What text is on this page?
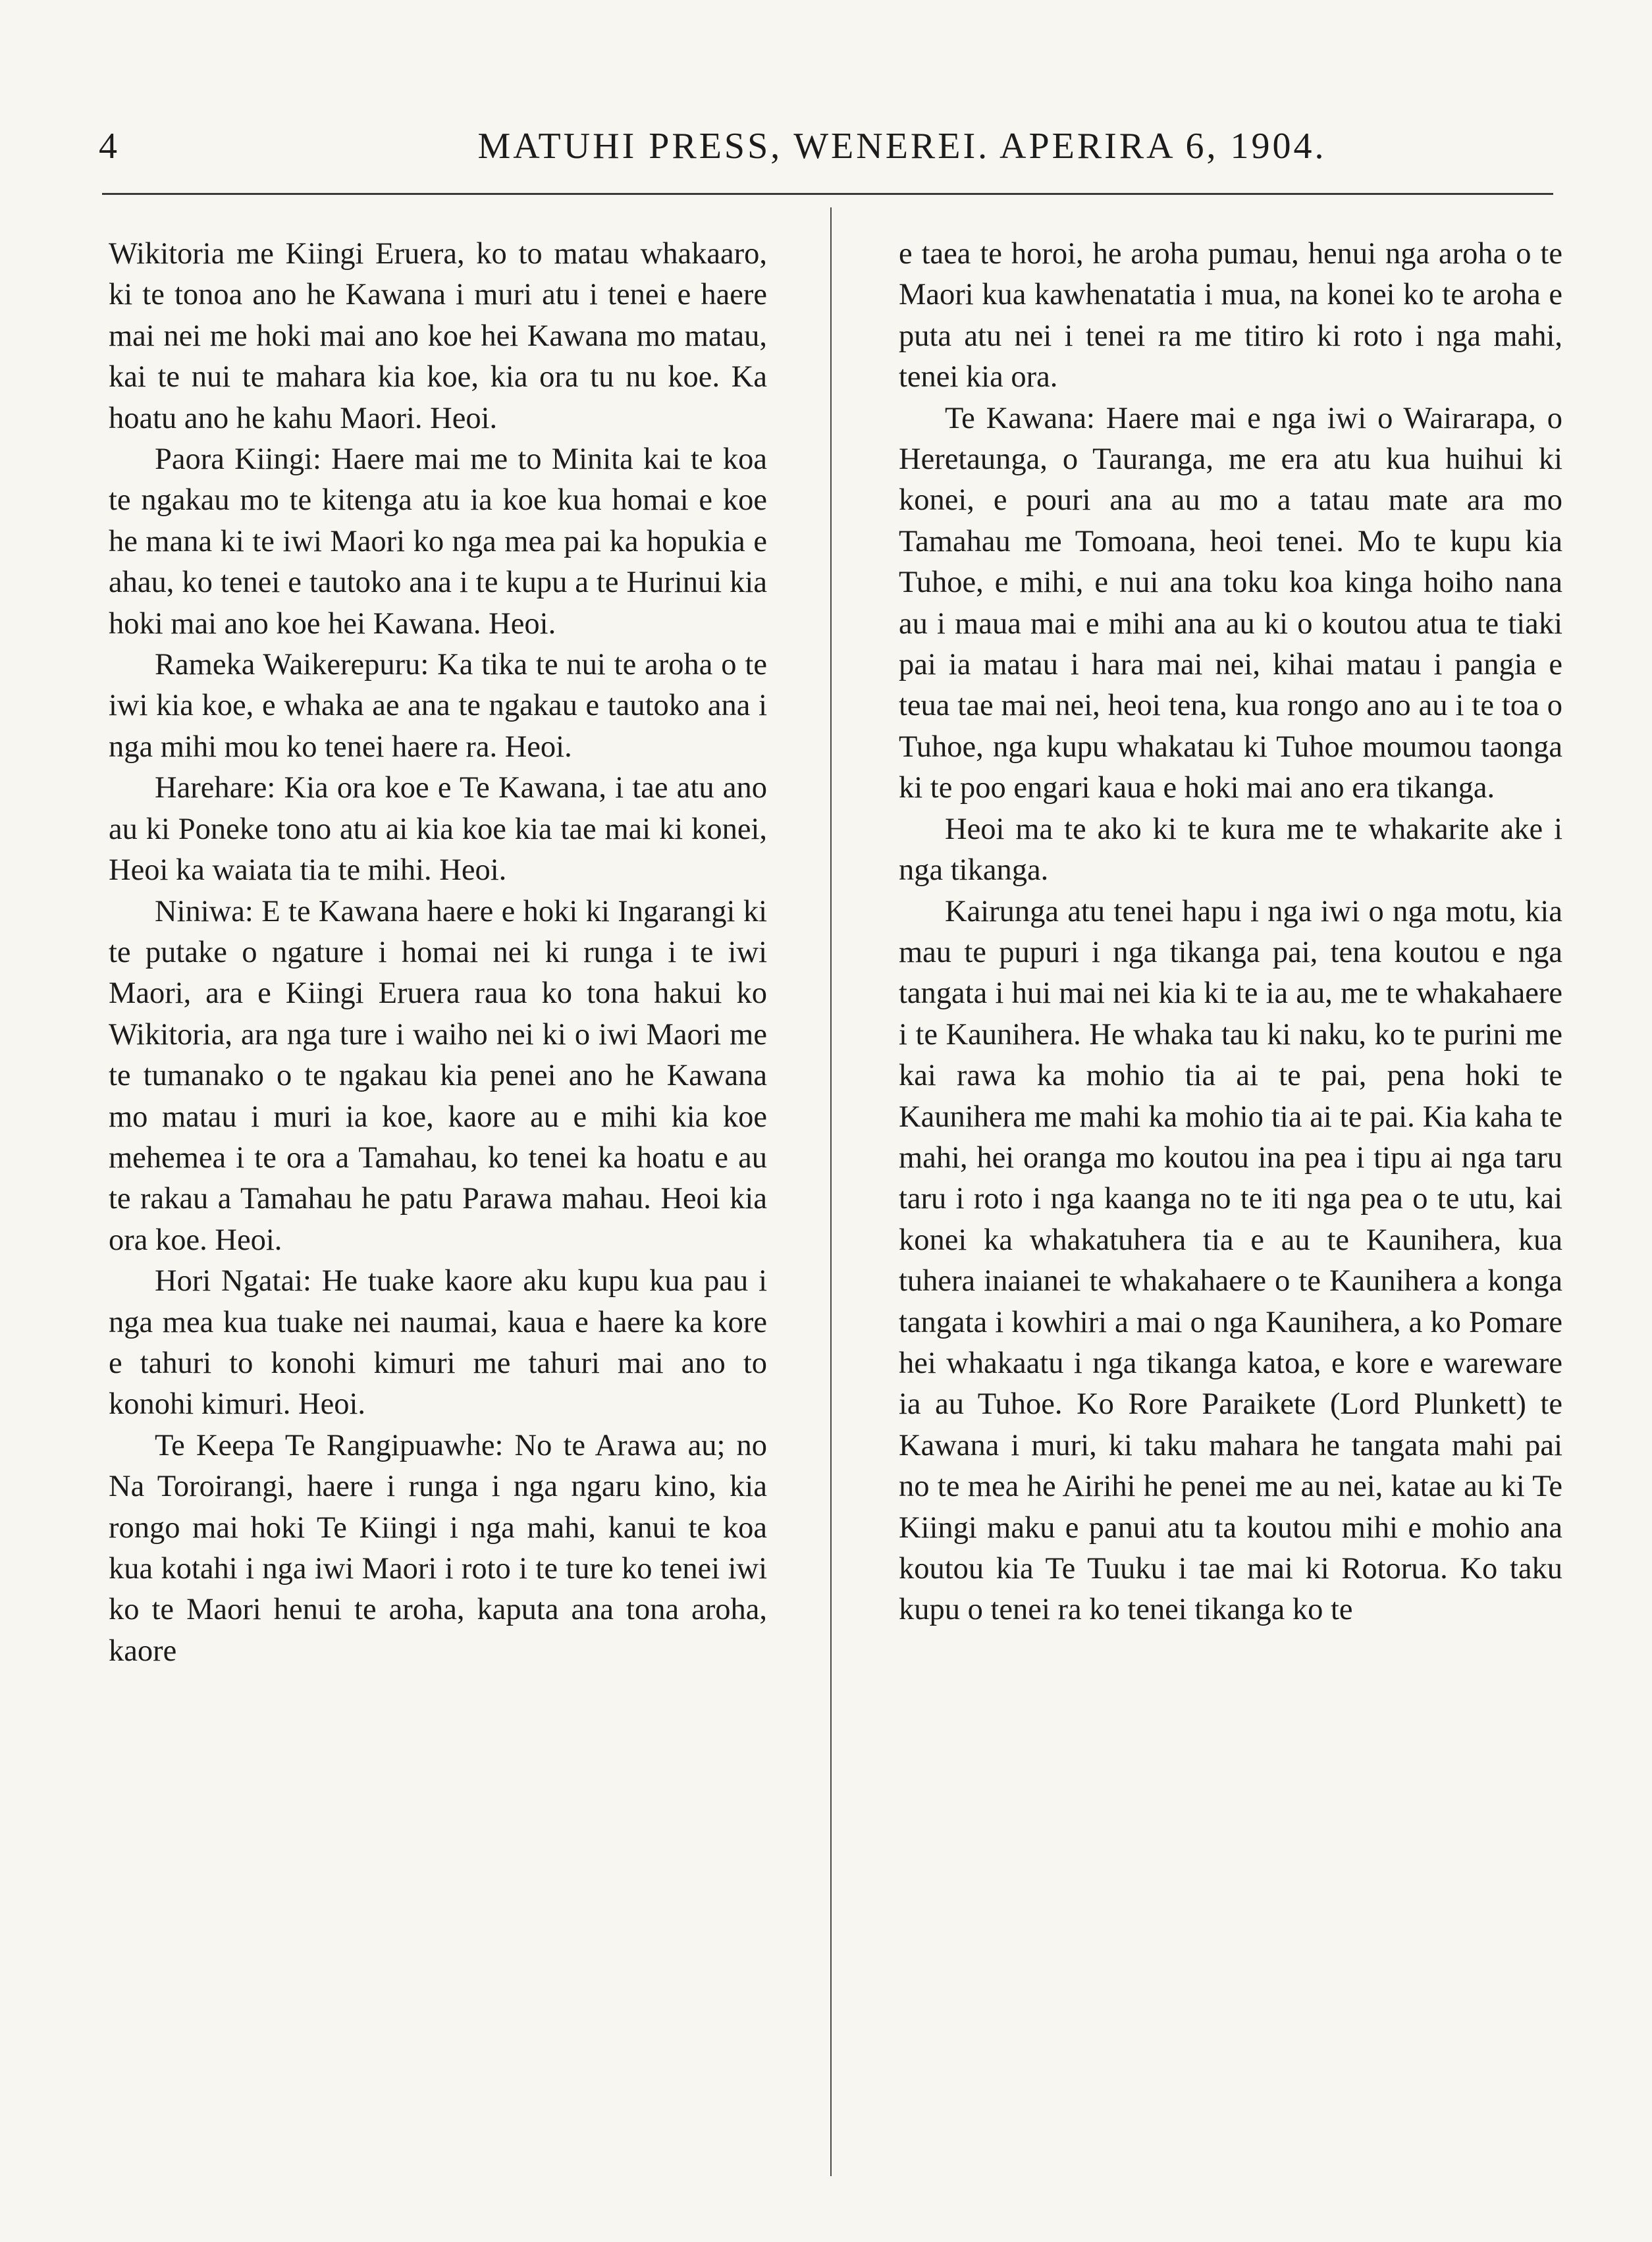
4	MATUHI PRESS, WENEREI. APERIRA 6, 1904.

Wikitoria me Kiingi Eruera, ko to matau whakaaro, ki te tonoa ano he Kawana i muri atu i tenei e haere mai nei me hoki mai ano koe hei Kawana mo matau, kai te nui te mahara kia koe, kia ora tu nu koe. Ka hoatu ano he kahu Maori. Heoi.

Paora Kiingi: Haere mai me to Minita kai te koa te ngakau mo te kitenga atu ia koe kua homai e koe he mana ki te iwi Maori ko nga mea pai ka hopukia e ahau, ko tenei e tautoko ana i te kupu a te Hurinui kia hoki mai ano koe hei Kawana. Heoi.

Rameka Waikerepuru: Ka tika te nui te aroha o te iwi kia koe, e whaka ae ana te ngakau e tautoko ana i nga mihi mou ko tenei haere ra. Heoi.

Harehare: Kia ora koe e Te Kawana, i tae atu ano au ki Poneke tono atu ai kia koe kia tae mai ki konei, Heoi ka waiata tia te mihi. Heoi.

Niniwa: E te Kawana haere e hoki ki Ingarangi ki te putake o ngature i homai nei ki runga i te iwi Maori, ara e Kiingi Eruera raua ko tona hakui ko Wikitoria, ara nga ture i waiho nei ki o iwi Maori me te tumanako o te ngakau kia penei ano he Kawana mo matau i muri ia koe, kaore au e mihi kia koe mehemea i te ora a Tamahau, ko tenei ka hoatu e au te rakau a Tamahau he patu Parawa mahau. Heoi kia ora koe. Heoi.

Hori Ngatai: He tuake kaore aku kupu kua pau i nga mea kua tuake nei naumai, kaua e haere ka kore e tahuri to konohi kimuri me tahuri mai ano to konohi kimuri. Heoi.

Te Keepa Te Rangipuawhe: No te Arawa au; no Na Toroirangi, haere i runga i nga ngaru kino, kia rongo mai hoki Te Kiingi i nga mahi, kanui te koa kua kotahi i nga iwi Maori i roto i te ture ko tenei iwi ko te Maori henui te aroha, kaputa ana tona aroha, kaore

e taea te horoi, he aroha pumau, henui nga aroha o te Maori kua kawhenatatia i mua, na konei ko te aroha e puta atu nei i tenei ra me titiro ki roto i nga mahi, tenei kia ora.

Te Kawana: Haere mai e nga iwi o Wairarapa, o Heretaunga, o Tauranga, me era atu kua huihui ki konei, e pouri ana au mo a tatau mate ara mo Tamahau me Tomoana, heoi tenei. Mo te kupu kia Tuhoe, e mihi, e nui ana toku koa kinga hoiho nana au i maua mai e mihi ana au ki o koutou atua te tiaki pai ia matau i hara mai nei, kihai matau i pangia e teua tae mai nei, heoi tena, kua rongo ano au i te toa o Tuhoe, nga kupu whakatau ki Tuhoe moumou taonga ki te poo engari kaua e hoki mai ano era tikanga.

Heoi ma te ako ki te kura me te whakarite ake i nga tikanga.

Kairunga atu tenei hapu i nga iwi o nga motu, kia mau te pupuri i nga tikanga pai, tena koutou e nga tangata i hui mai nei kia ki te ia au, me te whakahaere i te Kaunihera. He whaka tau ki naku, ko te purini me kai rawa ka mohio tia ai te pai, pena hoki te Kaunihera me mahi ka mohio tia ai te pai. Kia kaha te mahi, hei oranga mo koutou ina pea i tipu ai nga taru taru i roto i nga kaanga no te iti nga pea o te utu, kai konei ka whakatuhera tia e au te Kaunihera, kua tuhera inaianei te whakahaere o te Kaunihera a konga tangata i kowhiri a mai o nga Kaunihera, a ko Pomare hei whakaatu i nga tikanga katoa, e kore e wareware ia au Tuhoe. Ko Rore Paraikete (Lord Plunkett) te Kawana i muri, ki taku mahara he tangata mahi pai no te mea he Airihi he penei me au nei, katae au ki Te Kiingi maku e panui atu ta koutou mihi e mohio ana koutou kia Te Tuuku i tae mai ki Rotorua. Ko taku kupu o tenei ra ko tenei tikanga ko te
